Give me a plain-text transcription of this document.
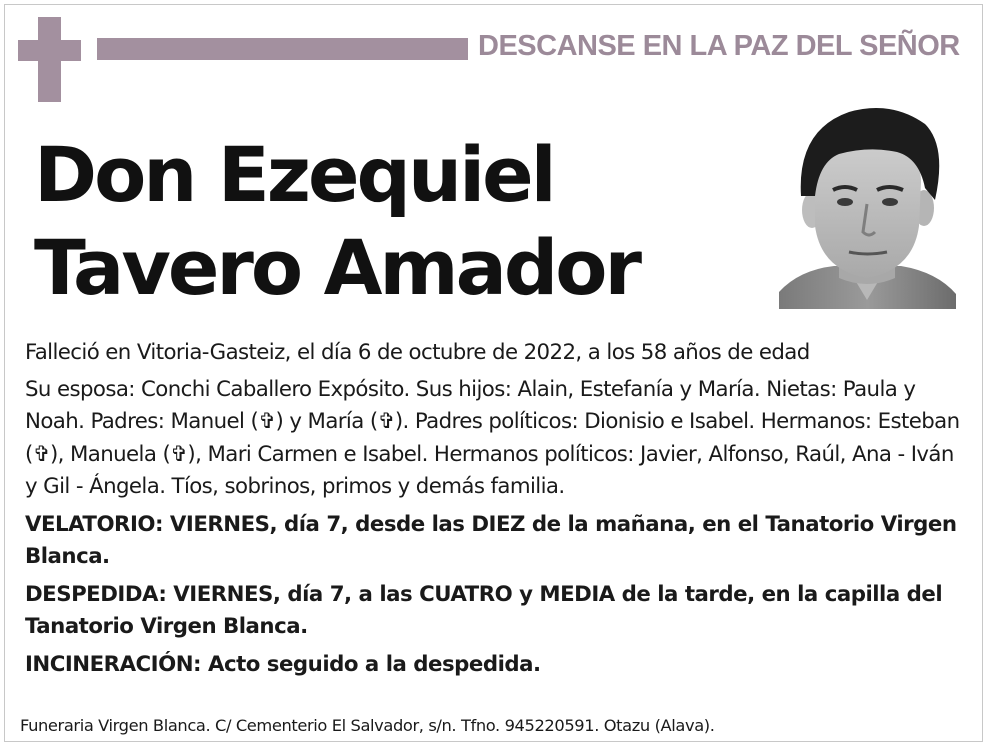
DESCANSE EN LA PAZ DEL SEÑOR
Don Ezequiel
Tavero Amador

Falleció en Vitoria-Gasteiz, el día 6 de octubre de 2022, a los 58 años de edad

Su esposa: Conchi Caballero Expósito. Sus hijos: Alain, Estefanía y María. Nietas: Paula y Noah. Padres: Manuel (✞) y María (✞). Padres políticos: Dionisio e Isabel. Hermanos: Esteban (✞), Manuela (✞), Mari Carmen e Isabel. Hermanos políticos: Javier, Alfonso, Raúl, Ana - Iván y Gil - Ángela. Tíos, sobrinos, primos y demás familia.

VELATORIO: VIERNES, día 7, desde las DIEZ de la mañana, en el Tanatorio Virgen Blanca.

DESPEDIDA: VIERNES, día 7, a las CUATRO y MEDIA de la tarde, en la capilla del Tanatorio Virgen Blanca.

INCINERACIÓN: Acto seguido a la despedida.

Funeraria Virgen Blanca. C/ Cementerio El Salvador, s/n. Tfno. 945220591. Otazu (Alava).
